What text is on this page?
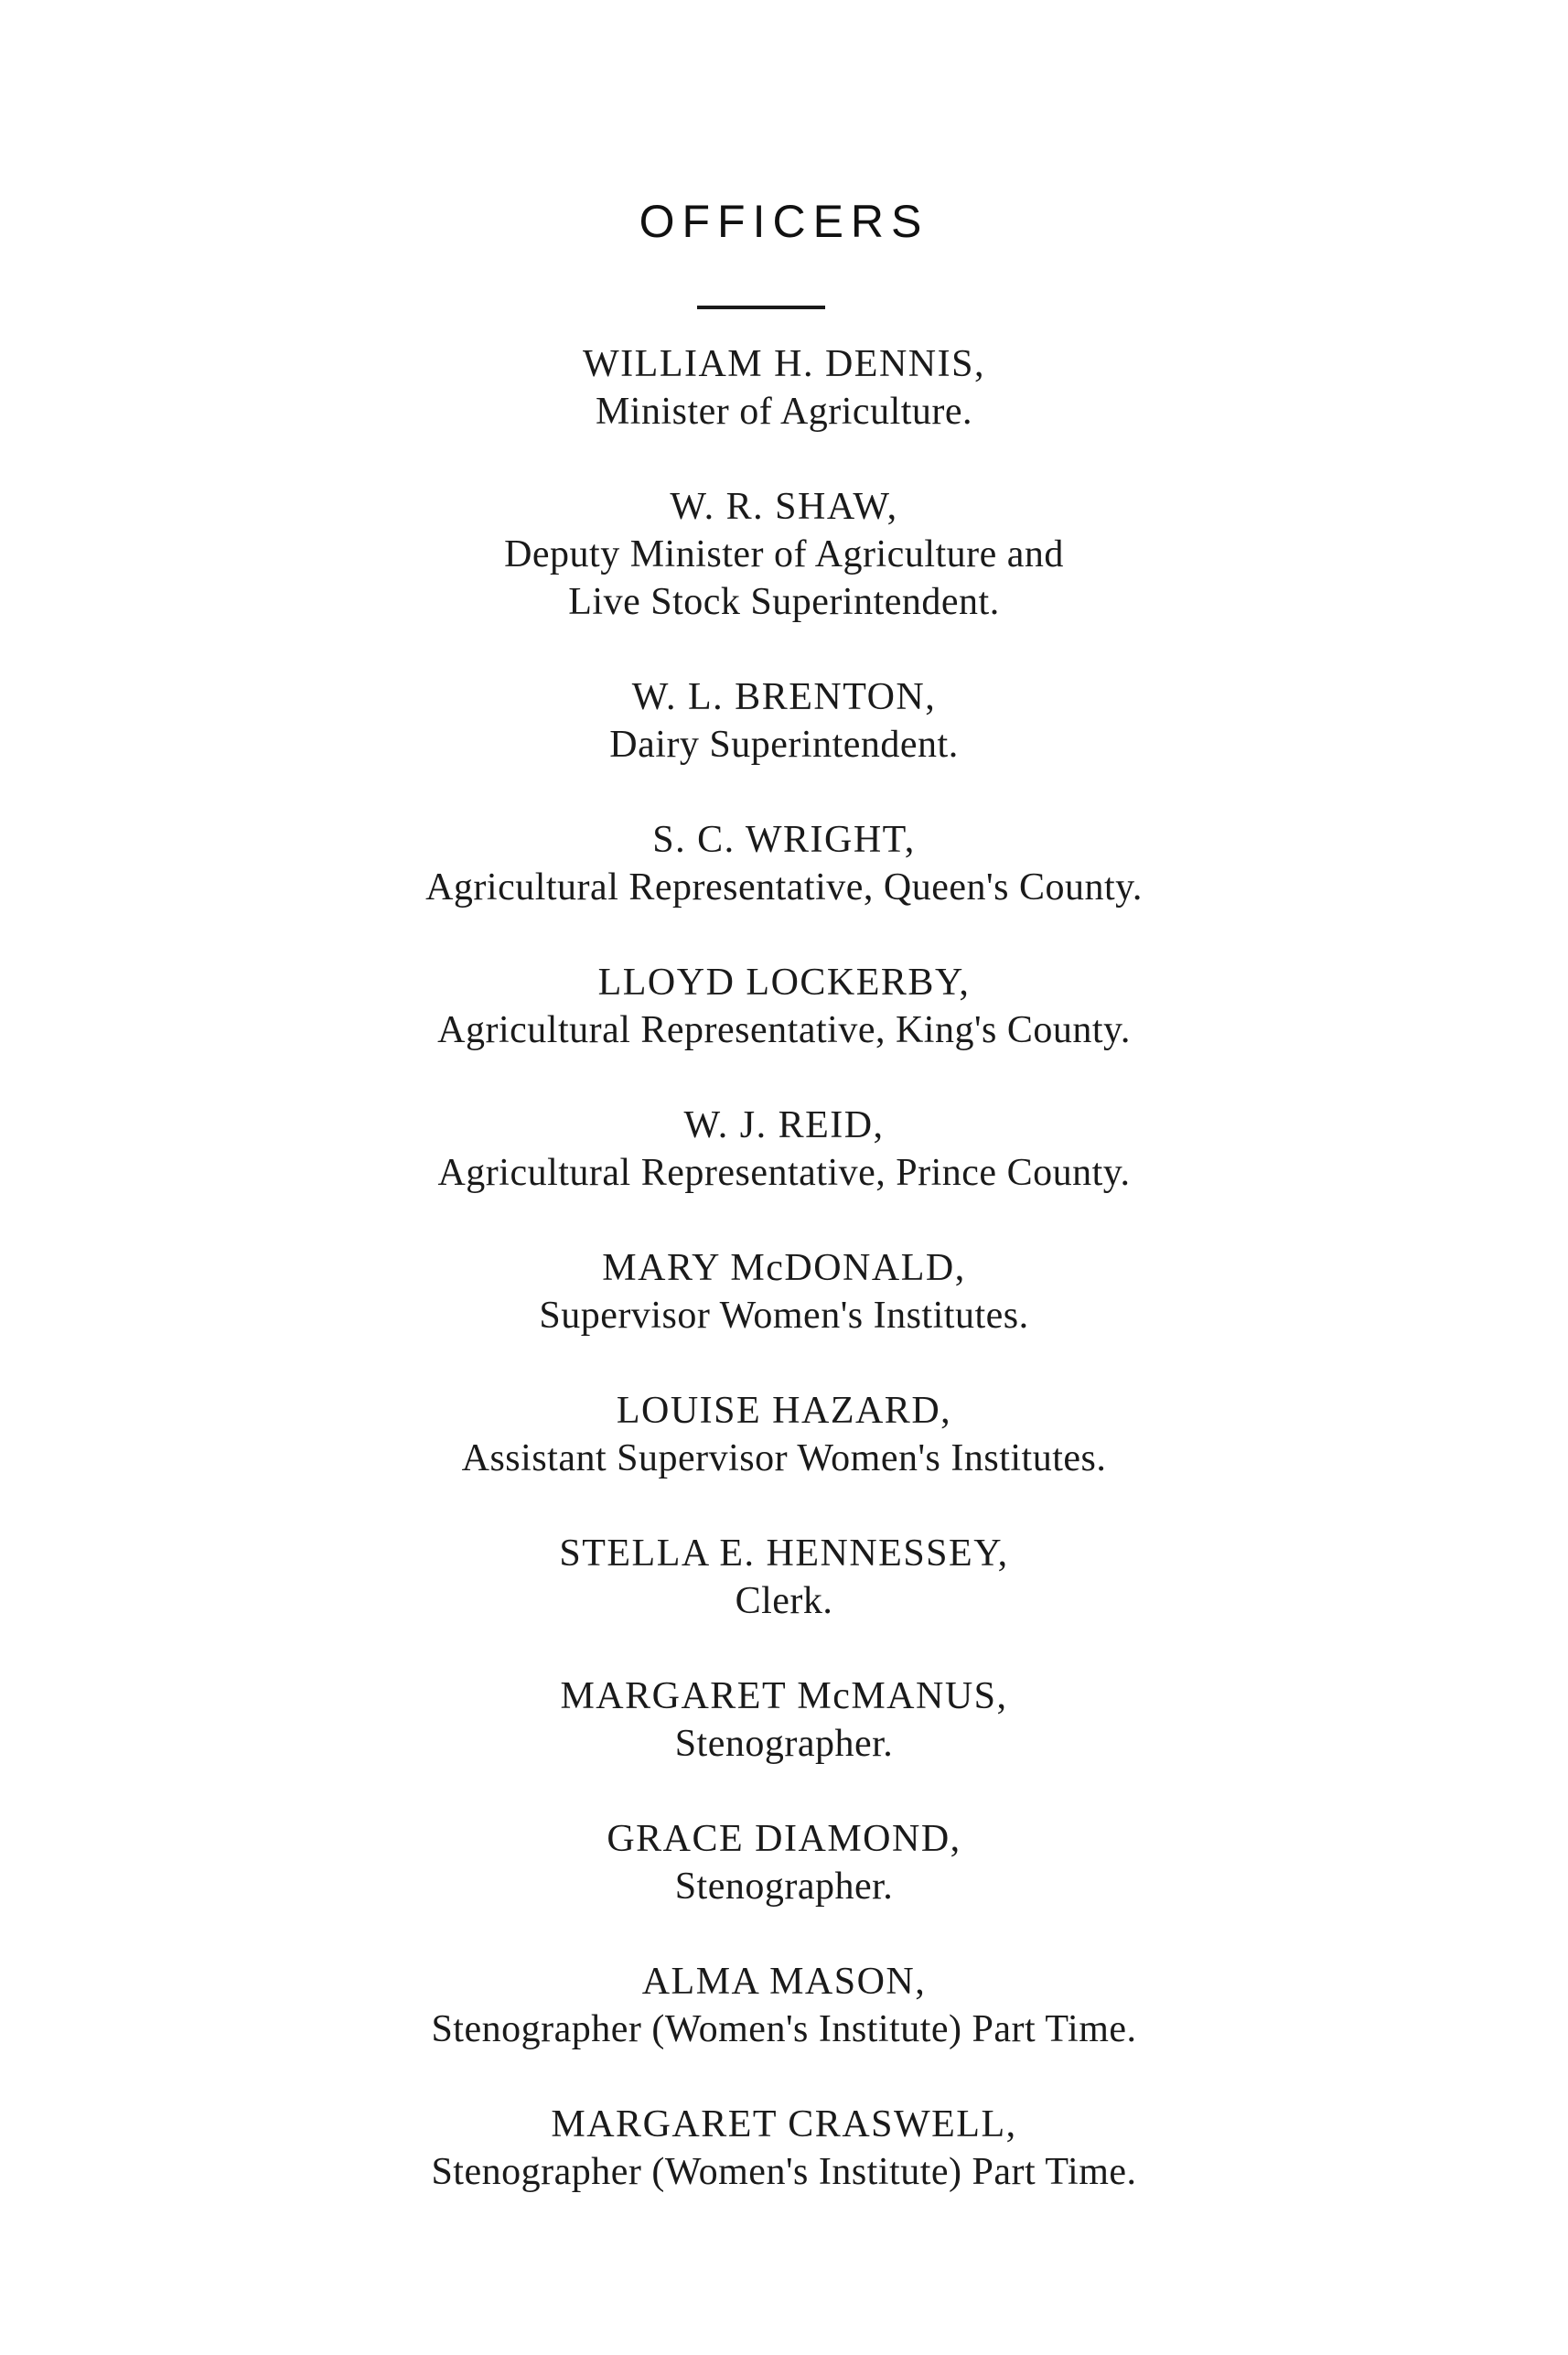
OFFICERS
WILLIAM H. DENNIS,
Minister of Agriculture.
W. R. SHAW,
Deputy Minister of Agriculture and
Live Stock Superintendent.
W. L. BRENTON,
Dairy Superintendent.
S. C. WRIGHT,
Agricultural Representative, Queen's County.
LLOYD LOCKERBY,
Agricultural Representative, King's County.
W. J. REID,
Agricultural Representative, Prince County.
MARY McDONALD,
Supervisor Women's Institutes.
LOUISE HAZARD,
Assistant Supervisor Women's Institutes.
STELLA E. HENNESSEY,
Clerk.
MARGARET McMANUS,
Stenographer.
GRACE DIAMOND,
Stenographer.
ALMA MASON,
Stenographer (Women's Institute) Part Time.
MARGARET CRASWELL,
Stenographer (Women's Institute) Part Time.
